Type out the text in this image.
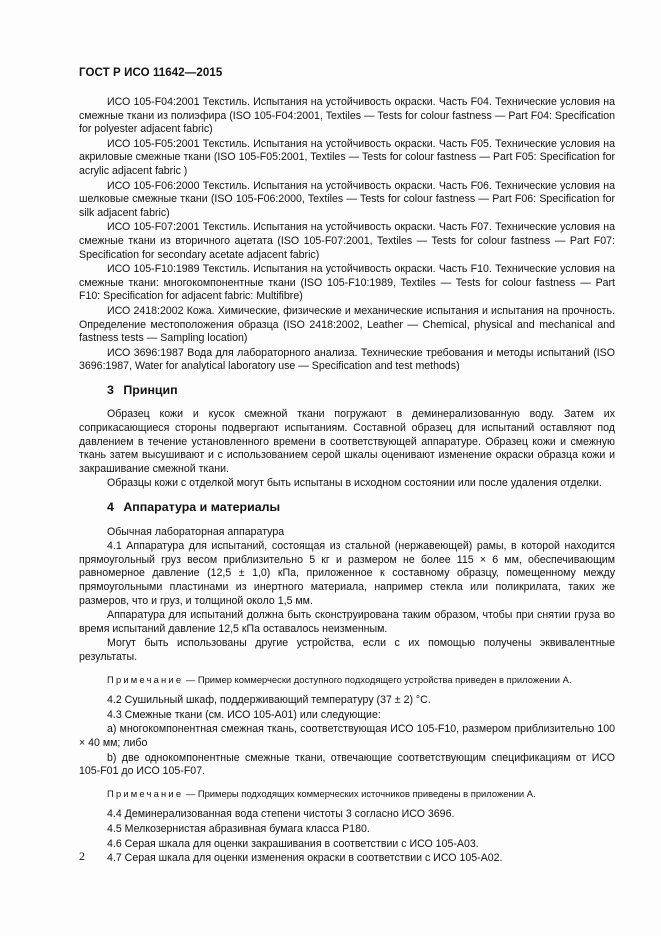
ГОСТ Р ИСО 11642—2015

ИСО 105-F04:2001 Текстиль. Испытания на устойчивость окраски. Часть F04. Технические условия на смежные ткани из полиэфира (ISO 105-F04:2001, Textiles — Tests for colour fastness — Part F04: Specification for polyester adjacent fabric)

ИСО 105-F05:2001 Текстиль. Испытания на устойчивость окраски. Часть F05. Технические условия на акриловые смежные ткани (ISO 105-F05:2001, Textiles — Tests for colour fastness — Part F05: Specification for acrylic adjacent fabric )

ИСО 105-F06:2000 Текстиль. Испытания на устойчивость окраски. Часть F06. Технические условия на шелковые смежные ткани (ISO 105-F06:2000, Textiles — Tests for colour fastness — Part F06: Specification for silk adjacent fabric)

ИСО 105-F07:2001 Текстиль. Испытания на устойчивость окраски. Часть F07. Технические условия на смежные ткани из вторичного ацетата (ISO 105-F07:2001, Textiles — Tests for colour fastness — Part F07: Specification for secondary acetate adjacent fabric)

ИСО 105-F10:1989 Текстиль. Испытания на устойчивость окраски. Часть F10. Технические условия на смежные ткани: многокомпонентные ткани (ISO 105-F10:1989, Textiles — Tests for colour fastness — Part F10: Specification for adjacent fabric: Multifibre)

ИСО 2418:2002 Кожа. Химические, физические и механические испытания и испытания на прочность. Определение местоположения образца (ISO 2418:2002, Leather — Chemical, physical and mechanical and fastness tests — Sampling location)

ИСО 3696:1987 Вода для лабораторного анализа. Технические требования и методы испытаний (ISO 3696:1987, Water for analytical laboratory use — Specification and test methods)

3 Принцип

Образец кожи и кусок смежной ткани погружают в деминерализованную воду. Затем их соприкасающиеся стороны подвергают испытаниям. Составной образец для испытаний оставляют под давлением в течение установленного времени в соответствующей аппаратуре. Образец кожи и смежную ткань затем высушивают и с использованием серой шкалы оценивают изменение окраски образца кожи и закрашивание смежной ткани.

Образцы кожи с отделкой могут быть испытаны в исходном состоянии или после удаления отделки.

4 Аппаратура и материалы

Обычная лабораторная аппаратура

4.1 Аппаратура для испытаний, состоящая из стальной (нержавеющей) рамы, в которой находится прямоугольный груз весом приблизительно 5 кг и размером не более 115 × 6 мм, обеспечивающим равномерное давление (12,5 ± 1,0) кПа, приложенное к составному образцу, помещенному между прямоугольными пластинами из инертного материала, например стекла или поликрилата, таких же размеров, что и груз, и толщиной около 1,5 мм.

Аппаратура для испытаний должна быть сконструирована таким образом, чтобы при снятии груза во время испытаний давление 12,5 кПа оставалось неизменным.

Могут быть использованы другие устройства, если с их помощью получены эквивалентные результаты.

Примечание — Пример коммерчески доступного подходящего устройства приведен в приложении А.

4.2 Сушильный шкаф, поддерживающий температуру (37 ± 2) °C.

4.3 Смежные ткани (см. ИСО 105-А01) или следующие:

a) многокомпонентная смежная ткань, соответствующая ИСО 105-F10, размером приблизительно 100 × 40 мм; либо

b) две однокомпонентные смежные ткани, отвечающие соответствующим спецификациям от ИСО 105-F01 до ИСО 105-F07.

Примечание — Примеры подходящих коммерческих источников приведены в приложении А.

4.4 Деминерализованная вода степени чистоты 3 согласно ИСО 3696.

4.5 Мелкозернистая абразивная бумага класса Р180.

4.6 Серая шкала для оценки закрашивания в соответствии с ИСО 105-А03.

4.7 Серая шкала для оценки изменения окраски в соответствии с ИСО 105-А02.

2
